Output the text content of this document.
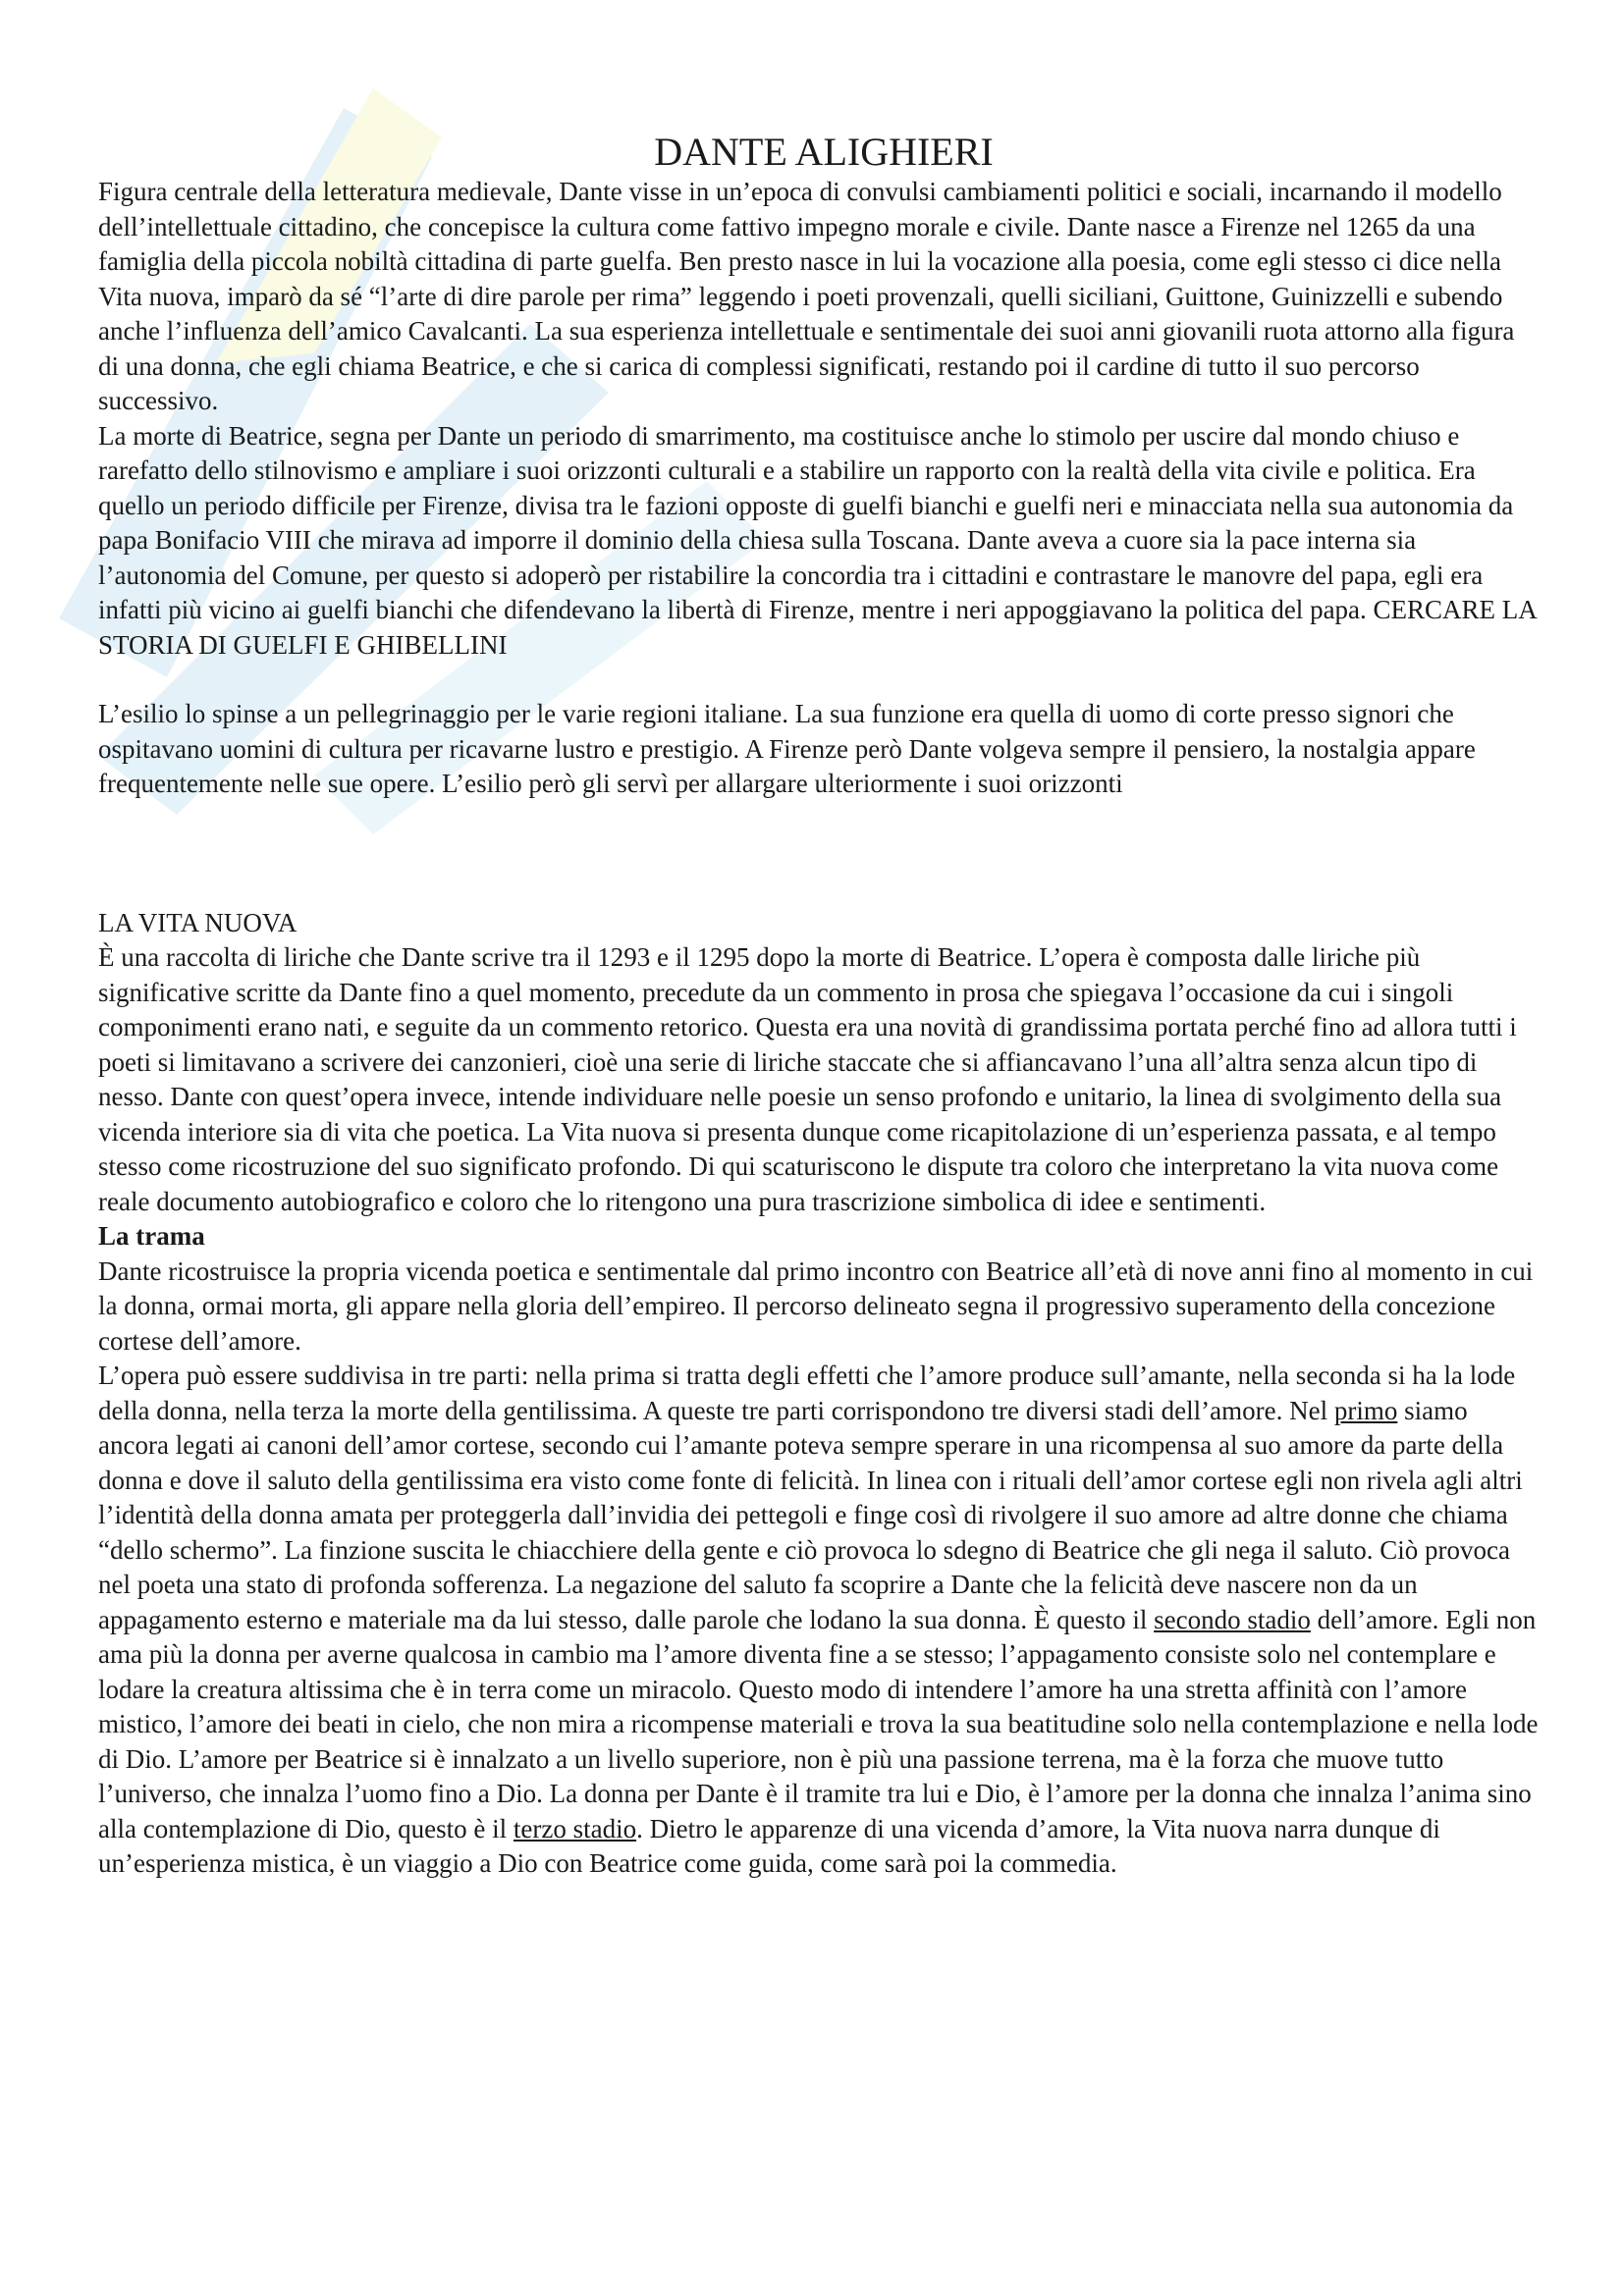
DANTE ALIGHIERI

Figura centrale della letteratura medievale, Dante visse in un’epoca di convulsi cambiamenti politici e sociali, incarnando il modello dell’intellettuale cittadino, che concepisce la cultura come fattivo impegno morale e civile. Dante nasce a Firenze nel 1265 da una famiglia della piccola nobiltà cittadina di parte guelfa. Ben presto nasce in lui la vocazione alla poesia, come egli stesso ci dice nella Vita nuova, imparò da sé “l’arte di dire parole per rima” leggendo i poeti provenzali, quelli siciliani, Guittone, Guinizzelli e subendo anche l’influenza dell’amico Cavalcanti. La sua esperienza intellettuale e sentimentale dei suoi anni giovanili ruota attorno alla figura di una donna, che egli chiama Beatrice, e che si carica di complessi significati, restando poi il cardine di tutto il suo percorso successivo.

La morte di Beatrice, segna per Dante un periodo di smarrimento, ma costituisce anche lo stimolo per uscire dal mondo chiuso e rarefatto dello stilnovismo e ampliare i suoi orizzonti culturali e a stabilire un rapporto con la realtà della vita civile e politica. Era quello un periodo difficile per Firenze, divisa tra le fazioni opposte di guelfi bianchi e guelfi neri e minacciata nella sua autonomia da papa Bonifacio VIII che mirava ad imporre il dominio della chiesa sulla Toscana. Dante aveva a cuore sia la pace interna sia l’autonomia del Comune, per questo si adoperò per ristabilire la concordia tra i cittadini e contrastare le manovre del papa, egli era infatti più vicino ai guelfi bianchi che difendevano la libertà di Firenze, mentre i neri appoggiavano la politica del papa. CERCARE LA STORIA DI GUELFI E GHIBELLINI

L’esilio lo spinse a un pellegrinaggio per le varie regioni italiane. La sua funzione era quella di uomo di corte presso signori che ospitavano uomini di cultura per ricavarne lustro e prestigio. A Firenze però Dante volgeva sempre il pensiero, la nostalgia appare frequentemente nelle sue opere. L’esilio però gli servì per allargare ulteriormente i suoi orizzonti

LA VITA NUOVA

È una raccolta di liriche che Dante scrive tra il 1293 e il 1295 dopo la morte di Beatrice. L’opera è composta dalle liriche più significative scritte da Dante fino a quel momento, precedute da un commento in prosa che spiegava l’occasione da cui i singoli componimenti erano nati, e seguite da un commento retorico. Questa era una novità di grandissima portata perché fino ad allora tutti i poeti si limitavano a scrivere dei canzonieri, cioè una serie di liriche staccate che si affiancavano l’una all’altra senza alcun tipo di nesso. Dante con quest’opera invece, intende individuare nelle poesie un senso profondo e unitario, la linea di svolgimento della sua vicenda interiore sia di vita che poetica. La Vita nuova si presenta dunque come ricapitolazione di un’esperienza passata, e al tempo stesso come ricostruzione del suo significato profondo. Di qui scaturiscono le dispute tra coloro che interpretano la vita nuova come reale documento autobiografico e coloro che lo ritengono una pura trascrizione simbolica di idee e sentimenti.

La trama

Dante ricostruisce la propria vicenda poetica e sentimentale dal primo incontro con Beatrice all’età di nove anni fino al momento in cui la donna, ormai morta, gli appare nella gloria dell’empireo. Il percorso delineato segna il progressivo superamento della concezione cortese dell’amore.

L’opera può essere suddivisa in tre parti: nella prima si tratta degli effetti che l’amore produce sull’amante, nella seconda si ha la lode della donna, nella terza la morte della gentilissima. A queste tre parti corrispondono tre diversi stadi dell’amore. Nel primo siamo ancora legati ai canoni dell’amor cortese, secondo cui l’amante poteva sempre sperare in una ricompensa al suo amore da parte della donna e dove il saluto della gentilissima era visto come fonte di felicità. In linea con i rituali dell’amor cortese egli non rivela agli altri l’identità della donna amata per proteggerla dall’invidia dei pettegoli e finge così di rivolgere il suo amore ad altre donne che chiama “dello schermo”. La finzione suscita le chiacchiere della gente e ciò provoca lo sdegno di Beatrice che gli nega il saluto. Ciò provoca nel poeta una stato di profonda sofferenza. La negazione del saluto fa scoprire a Dante che la felicità deve nascere non da un appagamento esterno e materiale ma da lui stesso, dalle parole che lodano la sua donna. È questo il secondo stadio dell’amore. Egli non ama più la donna per averne qualcosa in cambio ma l’amore diventa fine a se stesso; l’appagamento consiste solo nel contemplare e lodare la creatura altissima che è in terra come un miracolo. Questo modo di intendere l’amore ha una stretta affinità con l’amore mistico, l’amore dei beati in cielo, che non mira a ricompense materiali e trova la sua beatitudine solo nella contemplazione e nella lode di Dio. L’amore per Beatrice si è innalzato a un livello superiore, non è più una passione terrena, ma è la forza che muove tutto l’universo, che innalza l’uomo fino a Dio. La donna per Dante è il tramite tra lui e Dio, è l’amore per la donna che innalza l’anima sino alla contemplazione di Dio, questo è il terzo stadio. Dietro le apparenze di una vicenda d’amore, la Vita nuova narra dunque di un’esperienza mistica, è un viaggio a Dio con Beatrice come guida, come sarà poi la commedia.
